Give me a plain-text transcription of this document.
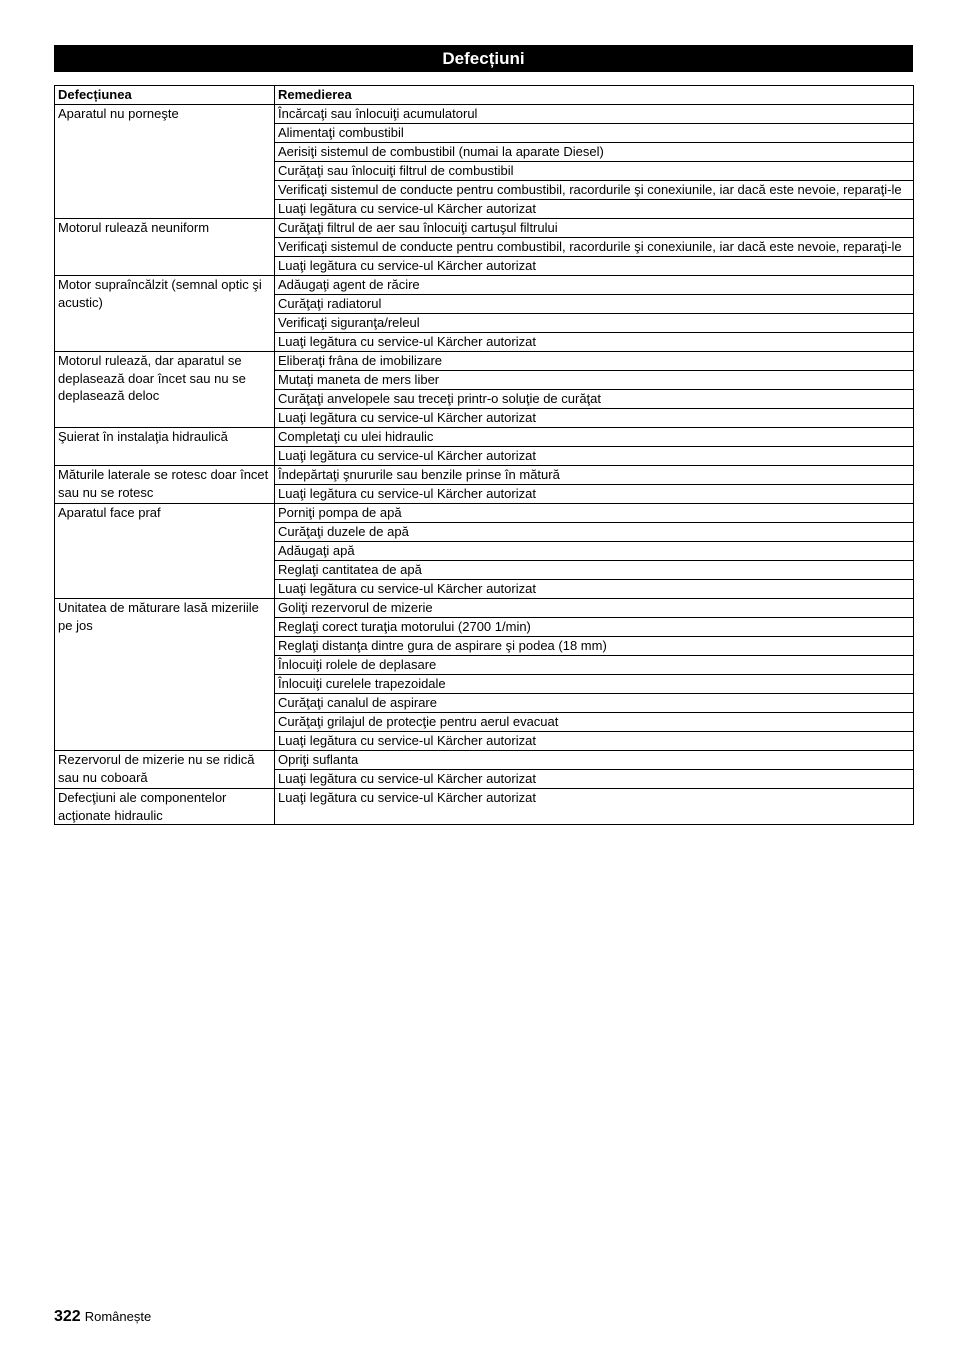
Defecțiuni
Defecțiunea	Remedierea
Aparatul nu porneşte	Încărcaţi sau înlocuiţi acumulatorul
	Alimentaţi combustibil
	Aerisiţi sistemul de combustibil (numai la aparate Diesel)
	Curăţaţi sau înlocuiţi filtrul de combustibil
	Verificaţi sistemul de conducte pentru combustibil, racordurile şi conexiunile, iar dacă este nevoie, reparaţi-le
	Luaţi legătura cu service-ul Kärcher autorizat
Motorul rulează neuniform	Curăţaţi filtrul de aer sau înlocuiţi cartuşul filtrului
	Verificaţi sistemul de conducte pentru combustibil, racordurile şi conexiunile, iar dacă este nevoie, reparaţi-le
	Luaţi legătura cu service-ul Kärcher autorizat
Motor supraîncălzit (semnal optic şi acustic)	Adăugaţi agent de răcire
	Curăţaţi radiatorul
	Verificaţi siguranţa/releul
	Luaţi legătura cu service-ul Kärcher autorizat
Motorul rulează, dar aparatul se deplasează doar încet sau nu se deplasează deloc	Eliberaţi frâna de imobilizare
	Mutaţi maneta de mers liber
	Curăţaţi anvelopele sau treceţi printr-o soluţie de curăţat
	Luaţi legătura cu service-ul Kärcher autorizat
Şuierat în instalaţia hidraulică	Completaţi cu ulei hidraulic
	Luaţi legătura cu service-ul Kärcher autorizat
Măturile laterale se rotesc doar încet sau nu se rotesc	Îndepărtaţi şnururile sau benzile prinse în mătură
	Luaţi legătura cu service-ul Kärcher autorizat
Aparatul face praf	Porniţi pompa de apă
	Curăţaţi duzele de apă
	Adăugaţi apă
	Reglaţi cantitatea de apă
	Luaţi legătura cu service-ul Kärcher autorizat
Unitatea de măturare lasă mizeriile pe jos	Goliţi rezervorul de mizerie
	Reglaţi corect turaţia motorului (2700 1/min)
	Reglaţi distanţa dintre gura de aspirare şi podea (18 mm)
	Înlocuiţi rolele de deplasare
	Înlocuiţi curelele trapezoidale
	Curăţaţi canalul de aspirare
	Curăţaţi grilajul de protecţie pentru aerul evacuat
	Luaţi legătura cu service-ul Kärcher autorizat
Rezervorul de mizerie nu se ridică sau nu coboară	Opriţi suflanta
	Luaţi legătura cu service-ul Kärcher autorizat
Defecţiuni ale componentelor acţionate hidraulic	Luaţi legătura cu service-ul Kärcher autorizat
322 Românește
